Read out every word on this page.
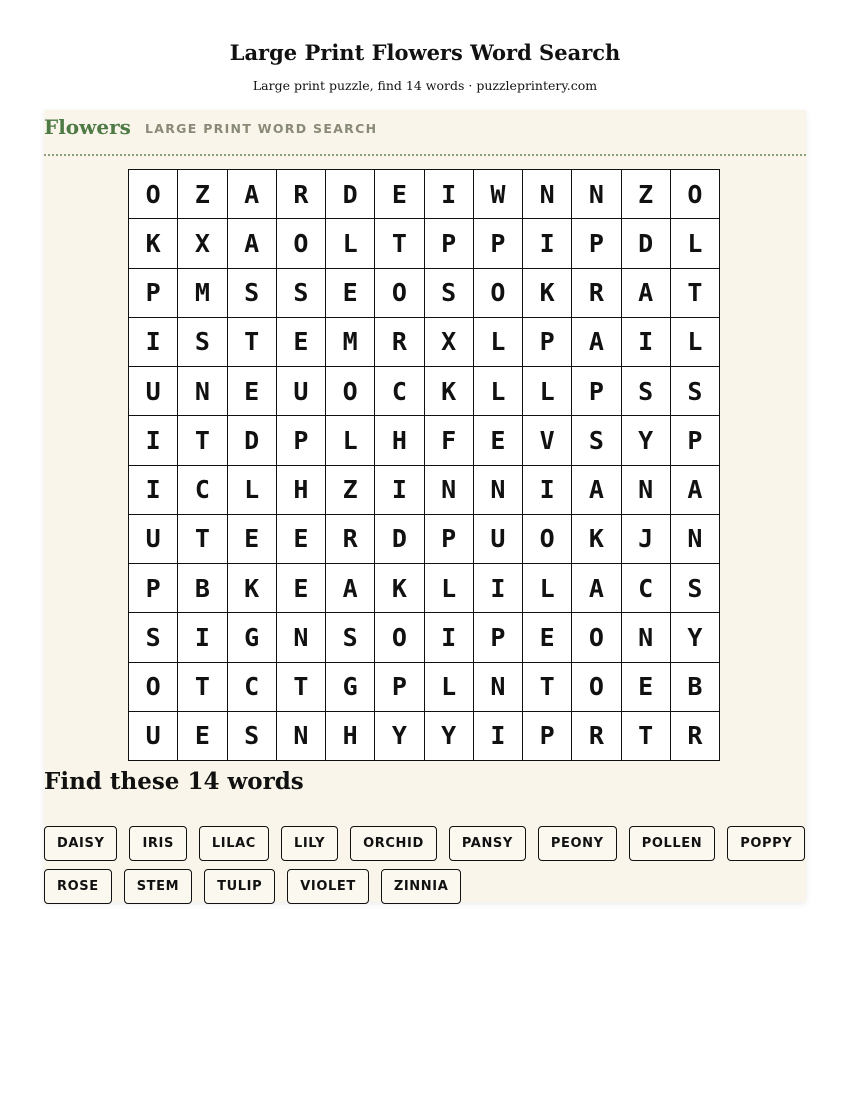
Large Print Flowers Word Search

Large print puzzle, find 14 words · puzzleprintery.com

Flowers LARGE PRINT WORD SEARCH
O	Z	A	R	D	E	I	W	N	N	Z	O
K	X	A	O	L	T	P	P	I	P	D	L
P	M	S	S	E	O	S	O	K	R	A	T
I	S	T	E	M	R	X	L	P	A	I	L
U	N	E	U	O	C	K	L	L	P	S	S
I	T	D	P	L	H	F	E	V	S	Y	P
I	C	L	H	Z	I	N	N	I	A	N	A
U	T	E	E	R	D	P	U	O	K	J	N
P	B	K	E	A	K	L	I	L	A	C	S
S	I	G	N	S	O	I	P	E	O	N	Y
O	T	C	T	G	P	L	N	T	O	E	B
U	E	S	N	H	Y	Y	I	P	R	T	R
Find these 14 words
DAISY	IRIS	LILAC	LILY	ORCHID	PANSY	PEONY	POLLEN	POPPY
ROSE	STEM	TULIP	VIOLET	ZINNIA
